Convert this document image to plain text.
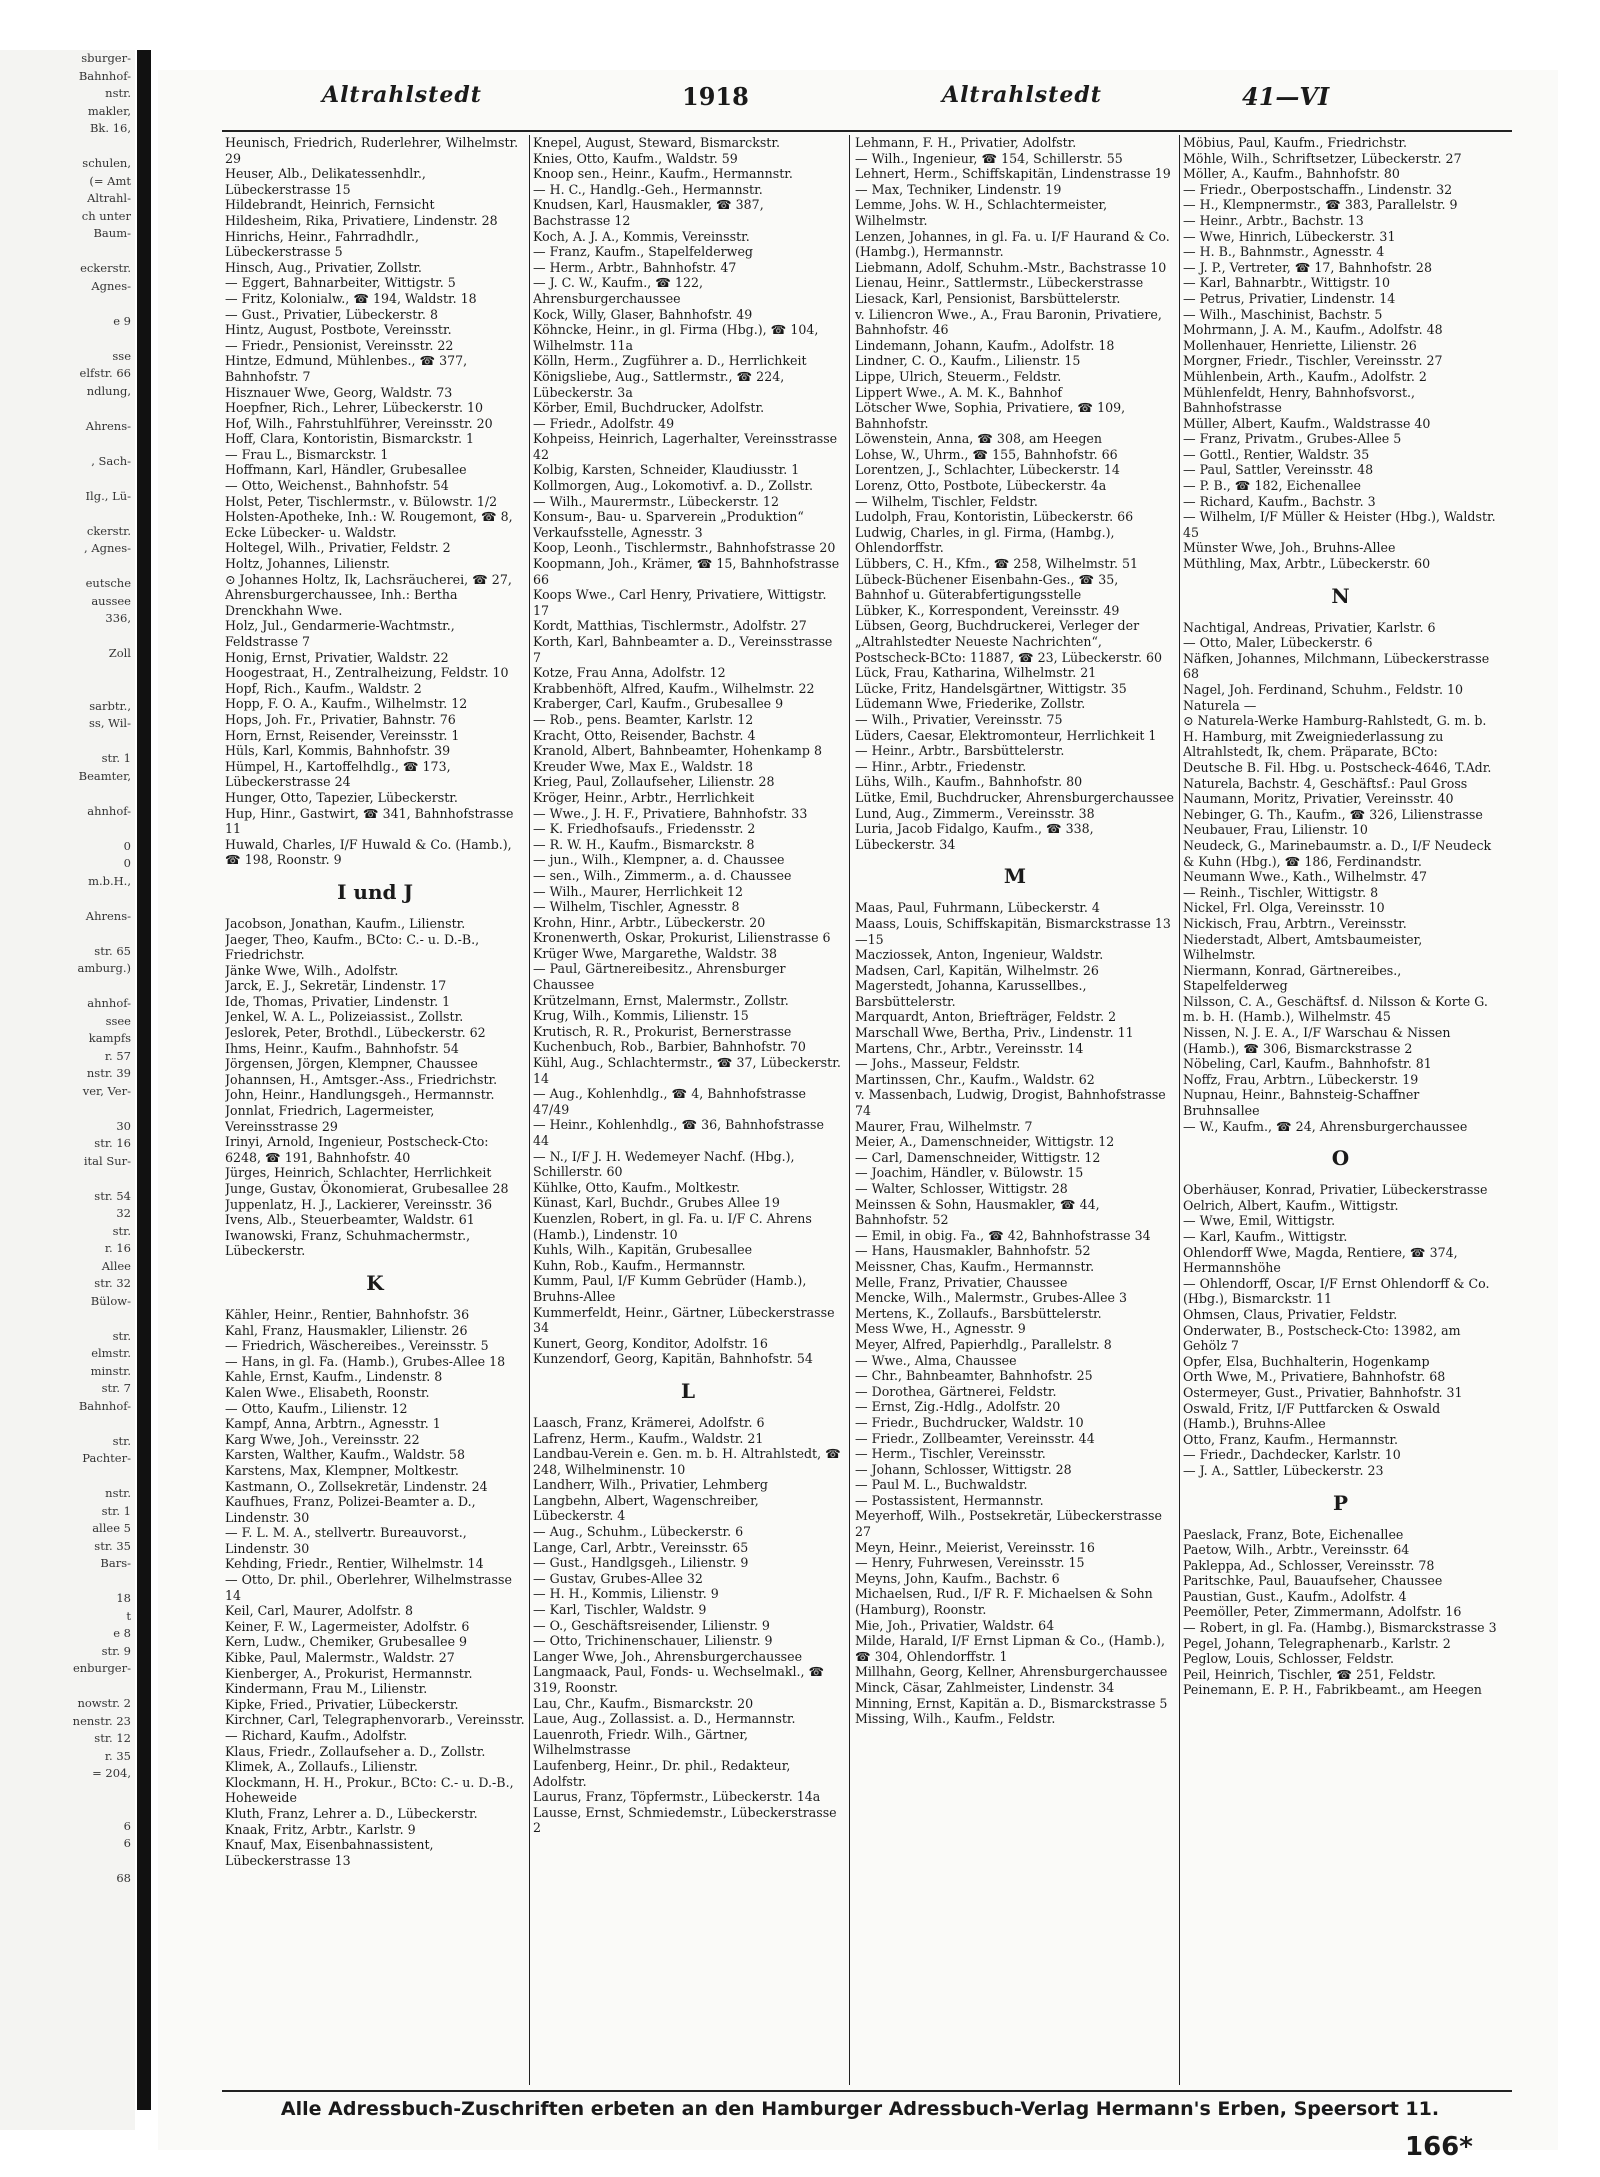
sburger-
Bahnhof-
nstr.
makler,
Bk. 16,

schulen,
(= Amt
Altrahl-
ch unter
Baum-

eckerstr.
Agnes-

e 9

sse
elfstr. 66
ndlung,

Ahrens-

, Sach-

Ilg., Lü-

ckerstr.
, Agnes-

eutsche
aussee
336,

Zoll

sarbtr.,
ss, Wil-

str. 1
Beamter,

ahnhof-

0
0
m.b.H.,

Ahrens-

str. 65
amburg.)

ahnhof-
ssee
kampfs
r. 57
nstr. 39
ver, Ver-

30
str. 16
ital Sur-

str. 54
32
str.
r. 16
Allee
str. 32
Bülow-

str.
elmstr.
minstr.
str. 7
Bahnhof-

str.
Pachter-

nstr.
str. 1
allee 5
str. 35
Bars-

18
t
e 8
str. 9
enburger-

nowstr. 2
nenstr. 23
str. 12
r. 35
= 204,

6
6

68
Altrahlstedt	1918	Altrahlstedt	41—VI
Heunisch, Friedrich, Ruderlehrer, Wilhelmstr. 29
Heuser, Alb., Delikatessenhdlr., Lübeckerstrasse 15
Hildebrandt, Heinrich, Fernsicht
Hildesheim, Rika, Privatiere, Lindenstr. 28
Hinrichs, Heinr., Fahrradhdlr., Lübeckerstrasse 5
Hinsch, Aug., Privatier, Zollstr.
— Eggert, Bahnarbeiter, Wittigstr. 5
— Fritz, Kolonialw., ☎ 194, Waldstr. 18
— Gust., Privatier, Lübeckerstr. 8
Hintz, August, Postbote, Vereinsstr.
— Friedr., Pensionist, Vereinsstr. 22
Hintze, Edmund, Mühlenbes., ☎ 377, Bahnhofstr. 7
Hisznauer Wwe, Georg, Waldstr. 73
Hoepfner, Rich., Lehrer, Lübeckerstr. 10
Hof, Wilh., Fahrstuhlführer, Vereinsstr. 20
Hoff, Clara, Kontoristin, Bismarckstr. 1
— Frau L., Bismarckstr. 1
Hoffmann, Karl, Händler, Grubesallee
— Otto, Weichenst., Bahnhofstr. 54
Holst, Peter, Tischlermstr., v. Bülowstr. 1/2
Holsten-Apotheke, Inh.: W. Rougemont, ☎ 8, Ecke Lübecker- u. Waldstr.
Holtegel, Wilh., Privatier, Feldstr. 2
Holtz, Johannes, Lilienstr.
⊙ Johannes Holtz, Ik, Lachsräucherei, ☎ 27, Ahrensburgerchaussee, Inh.: Bertha Drenckhahn Wwe.
Holz, Jul., Gendarmerie-Wachtmstr., Feldstrasse 7
Honig, Ernst, Privatier, Waldstr. 22
Hoogestraat, H., Zentralheizung, Feldstr. 10
Hopf, Rich., Kaufm., Waldstr. 2
Hopp, F. O. A., Kaufm., Wilhelmstr. 12
Hops, Joh. Fr., Privatier, Bahnstr. 76
Horn, Ernst, Reisender, Vereinsstr. 1
Hüls, Karl, Kommis, Bahnhofstr. 39
Hümpel, H., Kartoffelhdlg., ☎ 173, Lübeckerstrasse 24
Hunger, Otto, Tapezier, Lübeckerstr.
Hup, Hinr., Gastwirt, ☎ 341, Bahnhofstrasse 11
Huwald, Charles, I/F Huwald & Co. (Hamb.), ☎ 198, Roonstr. 9
I und J
Jacobson, Jonathan, Kaufm., Lilienstr.
Jaeger, Theo, Kaufm., BCto: C.- u. D.-B., Friedrichstr.
Jänke Wwe, Wilh., Adolfstr.
Jarck, E. J., Sekretär, Lindenstr. 17
Ide, Thomas, Privatier, Lindenstr. 1
Jenkel, W. A. L., Polizeiassist., Zollstr.
Jeslorek, Peter, Brothdl., Lübeckerstr. 62
Ihms, Heinr., Kaufm., Bahnhofstr. 54
Jörgensen, Jörgen, Klempner, Chaussee
Johannsen, H., Amtsger.-Ass., Friedrichstr.
John, Heinr., Handlungsgeh., Hermannstr.
Jonnlat, Friedrich, Lagermeister, Vereinsstrasse 29
Irinyi, Arnold, Ingenieur, Postscheck-Cto: 6248, ☎ 191, Bahnhofstr. 40
Jürges, Heinrich, Schlachter, Herrlichkeit
Junge, Gustav, Ökonomierat, Grubesallee 28
Juppenlatz, H. J., Lackierer, Vereinsstr. 36
Ivens, Alb., Steuerbeamter, Waldstr. 61
Iwanowski, Franz, Schuhmachermstr., Lübeckerstr.
K
Kähler, Heinr., Rentier, Bahnhofstr. 36
Kahl, Franz, Hausmakler, Lilienstr. 26
— Friedrich, Wäschereibes., Vereinsstr. 5
— Hans, in gl. Fa. (Hamb.), Grubes-Allee 18
Kahle, Ernst, Kaufm., Lindenstr. 8
Kalen Wwe., Elisabeth, Roonstr.
— Otto, Kaufm., Lilienstr. 12
Kampf, Anna, Arbtrn., Agnesstr. 1
Karg Wwe, Joh., Vereinsstr. 22
Karsten, Walther, Kaufm., Waldstr. 58
Karstens, Max, Klempner, Moltkestr.
Kastmann, O., Zollsekretär, Lindenstr. 24
Kaufhues, Franz, Polizei-Beamter a. D., Lindenstr. 30
— F. L. M. A., stellvertr. Bureauvorst., Lindenstr. 30
Kehding, Friedr., Rentier, Wilhelmstr. 14
— Otto, Dr. phil., Oberlehrer, Wilhelmstrasse 14
Keil, Carl, Maurer, Adolfstr. 8
Keiner, F. W., Lagermeister, Adolfstr. 6
Kern, Ludw., Chemiker, Grubesallee 9
Kibke, Paul, Malermstr., Waldstr. 27
Kienberger, A., Prokurist, Hermannstr.
Kindermann, Frau M., Lilienstr.
Kipke, Fried., Privatier, Lübeckerstr.
Kirchner, Carl, Telegraphenvorarb., Vereinsstr.
— Richard, Kaufm., Adolfstr.
Klaus, Friedr., Zollaufseher a. D., Zollstr.
Klimek, A., Zollaufs., Lilienstr.
Klockmann, H. H., Prokur., BCto: C.- u. D.-B., Hoheweide
Kluth, Franz, Lehrer a. D., Lübeckerstr.
Knaak, Fritz, Arbtr., Karlstr. 9
Knauf, Max, Eisenbahnassistent, Lübeckerstrasse 13
Knepel, August, Steward, Bismarckstr.
Knies, Otto, Kaufm., Waldstr. 59
Knoop sen., Heinr., Kaufm., Hermannstr.
— H. C., Handlg.-Geh., Hermannstr.
Knudsen, Karl, Hausmakler, ☎ 387, Bachstrasse 12
Koch, A. J. A., Kommis, Vereinsstr.
— Franz, Kaufm., Stapelfelderweg
— Herm., Arbtr., Bahnhofstr. 47
— J. C. W., Kaufm., ☎ 122, Ahrensburgerchaussee
Kock, Willy, Glaser, Bahnhofstr. 49
Köhncke, Heinr., in gl. Firma (Hbg.), ☎ 104, Wilhelmstr. 11a
Kölln, Herm., Zugführer a. D., Herrlichkeit
Königsliebe, Aug., Sattlermstr., ☎ 224, Lübeckerstr. 3a
Körber, Emil, Buchdrucker, Adolfstr.
— Friedr., Adolfstr. 49
Kohpeiss, Heinrich, Lagerhalter, Vereinsstrasse 42
Kolbig, Karsten, Schneider, Klaudiusstr. 1
Kollmorgen, Aug., Lokomotivf. a. D., Zollstr.
— Wilh., Maurermstr., Lübeckerstr. 12
Konsum-, Bau- u. Sparverein „Produktion“ Verkaufsstelle, Agnesstr. 3
Koop, Leonh., Tischlermstr., Bahnhofstrasse 20
Koopmann, Joh., Krämer, ☎ 15, Bahnhofstrasse 66
Koops Wwe., Carl Henry, Privatiere, Wittigstr. 17
Kordt, Matthias, Tischlermstr., Adolfstr. 27
Korth, Karl, Bahnbeamter a. D., Vereinsstrasse 7
Kotze, Frau Anna, Adolfstr. 12
Krabbenhöft, Alfred, Kaufm., Wilhelmstr. 22
Kraberger, Carl, Kaufm., Grubesallee 9
— Rob., pens. Beamter, Karlstr. 12
Kracht, Otto, Reisender, Bachstr. 4
Kranold, Albert, Bahnbeamter, Hohenkamp 8
Kreuder Wwe, Max E., Waldstr. 18
Krieg, Paul, Zollaufseher, Lilienstr. 28
Kröger, Heinr., Arbtr., Herrlichkeit
— Wwe., J. H. F., Privatiere, Bahnhofstr. 33
— K. Friedhofsaufs., Friedensstr. 2
— R. W. H., Kaufm., Bismarckstr. 8
— jun., Wilh., Klempner, a. d. Chaussee
— sen., Wilh., Zimmerm., a. d. Chaussee
— Wilh., Maurer, Herrlichkeit 12
— Wilhelm, Tischler, Agnesstr. 8
Krohn, Hinr., Arbtr., Lübeckerstr. 20
Kronenwerth, Oskar, Prokurist, Lilienstrasse 6
Krüger Wwe, Margarethe, Waldstr. 38
— Paul, Gärtnereibesitz., Ahrensburger Chaussee
Krützelmann, Ernst, Malermstr., Zollstr.
Krug, Wilh., Kommis, Lilienstr. 15
Krutisch, R. R., Prokurist, Bernerstrasse
Kuchenbuch, Rob., Barbier, Bahnhofstr. 70
Kühl, Aug., Schlachtermstr., ☎ 37, Lübeckerstr. 14
— Aug., Kohlenhdlg., ☎ 4, Bahnhofstrasse 47/49
— Heinr., Kohlenhdlg., ☎ 36, Bahnhofstrasse 44
— N., I/F J. H. Wedemeyer Nachf. (Hbg.), Schillerstr. 60
Kühlke, Otto, Kaufm., Moltkestr.
Künast, Karl, Buchdr., Grubes Allee 19
Kuenzlen, Robert, in gl. Fa. u. I/F C. Ahrens (Hamb.), Lindenstr. 10
Kuhls, Wilh., Kapitän, Grubesallee
Kuhn, Rob., Kaufm., Hermannstr.
Kumm, Paul, I/F Kumm Gebrüder (Hamb.), Bruhns-Allee
Kummerfeldt, Heinr., Gärtner, Lübeckerstrasse 34
Kunert, Georg, Konditor, Adolfstr. 16
Kunzendorf, Georg, Kapitän, Bahnhofstr. 54
L
Laasch, Franz, Krämerei, Adolfstr. 6
Lafrenz, Herm., Kaufm., Waldstr. 21
Landbau-Verein e. Gen. m. b. H. Altrahlstedt, ☎ 248, Wilhelminenstr. 10
Landherr, Wilh., Privatier, Lehmberg
Langbehn, Albert, Wagenschreiber, Lübeckerstr. 4
— Aug., Schuhm., Lübeckerstr. 6
Lange, Carl, Arbtr., Vereinsstr. 65
— Gust., Handlgsgeh., Lilienstr. 9
— Gustav, Grubes-Allee 32
— H. H., Kommis, Lilienstr. 9
— Karl, Tischler, Waldstr. 9
— O., Geschäftsreisender, Lilienstr. 9
— Otto, Trichinenschauer, Lilienstr. 9
Langer Wwe, Joh., Ahrensburgerchaussee
Langmaack, Paul, Fonds- u. Wechselmakl., ☎ 319, Roonstr.
Lau, Chr., Kaufm., Bismarckstr. 20
Laue, Aug., Zollassist. a. D., Hermannstr.
Lauenroth, Friedr. Wilh., Gärtner, Wilhelmstrasse
Laufenberg, Heinr., Dr. phil., Redakteur, Adolfstr.
Laurus, Franz, Töpfermstr., Lübeckerstr. 14a
Lausse, Ernst, Schmiedemstr., Lübeckerstrasse 2
Lehmann, F. H., Privatier, Adolfstr.
— Wilh., Ingenieur, ☎ 154, Schillerstr. 55
Lehnert, Herm., Schiffskapitän, Lindenstrasse 19
— Max, Techniker, Lindenstr. 19
Lemme, Johs. W. H., Schlachtermeister, Wilhelmstr.
Lenzen, Johannes, in gl. Fa. u. I/F Haurand & Co. (Hambg.), Hermannstr.
Liebmann, Adolf, Schuhm.-Mstr., Bachstrasse 10
Lienau, Heinr., Sattlermstr., Lübeckerstrasse
Liesack, Karl, Pensionist, Barsbüttelerstr.
v. Liliencron Wwe., A., Frau Baronin, Privatiere, Bahnhofstr. 46
Lindemann, Johann, Kaufm., Adolfstr. 18
Lindner, C. O., Kaufm., Lilienstr. 15
Lippe, Ulrich, Steuerm., Feldstr.
Lippert Wwe., A. M. K., Bahnhof
Lötscher Wwe, Sophia, Privatiere, ☎ 109, Bahnhofstr.
Löwenstein, Anna, ☎ 308, am Heegen
Lohse, W., Uhrm., ☎ 155, Bahnhofstr. 66
Lorentzen, J., Schlachter, Lübeckerstr. 14
Lorenz, Otto, Postbote, Lübeckerstr. 4a
— Wilhelm, Tischler, Feldstr.
Ludolph, Frau, Kontoristin, Lübeckerstr. 66
Ludwig, Charles, in gl. Firma, (Hambg.), Ohlendorffstr.
Lübbers, C. H., Kfm., ☎ 258, Wilhelmstr. 51
Lübeck-Büchener Eisenbahn-Ges., ☎ 35, Bahnhof u. Güterabfertigungsstelle
Lübker, K., Korrespondent, Vereinsstr. 49
Lübsen, Georg, Buchdruckerei, Verleger der „Altrahlstedter Neueste Nachrichten“, Postscheck-BCto: 11887, ☎ 23, Lübeckerstr. 60
Lück, Frau, Katharina, Wilhelmstr. 21
Lücke, Fritz, Handelsgärtner, Wittigstr. 35
Lüdemann Wwe, Friederike, Zollstr.
— Wilh., Privatier, Vereinsstr. 75
Lüders, Caesar, Elektromonteur, Herrlichkeit 1
— Heinr., Arbtr., Barsbüttelerstr.
— Hinr., Arbtr., Friedenstr.
Lühs, Wilh., Kaufm., Bahnhofstr. 80
Lütke, Emil, Buchdrucker, Ahrensburgerchaussee
Lund, Aug., Zimmerm., Vereinsstr. 38
Luria, Jacob Fidalgo, Kaufm., ☎ 338, Lübeckerstr. 34
M
Maas, Paul, Fuhrmann, Lübeckerstr. 4
Maass, Louis, Schiffskapitän, Bismarckstrasse 13—15
Macziossek, Anton, Ingenieur, Waldstr.
Madsen, Carl, Kapitän, Wilhelmstr. 26
Magerstedt, Johanna, Karussellbes., Barsbüttelerstr.
Marquardt, Anton, Briefträger, Feldstr. 2
Marschall Wwe, Bertha, Priv., Lindenstr. 11
Martens, Chr., Arbtr., Vereinsstr. 14
— Johs., Masseur, Feldstr.
Martinssen, Chr., Kaufm., Waldstr. 62
v. Massenbach, Ludwig, Drogist, Bahnhofstrasse 74
Maurer, Frau, Wilhelmstr. 7
Meier, A., Damenschneider, Wittigstr. 12
— Carl, Damenschneider, Wittigstr. 12
— Joachim, Händler, v. Bülowstr. 15
— Walter, Schlosser, Wittigstr. 28
Meinssen & Sohn, Hausmakler, ☎ 44, Bahnhofstr. 52
— Emil, in obig. Fa., ☎ 42, Bahnhofstrasse 34
— Hans, Hausmakler, Bahnhofstr. 52
Meissner, Chas, Kaufm., Hermannstr.
Melle, Franz, Privatier, Chaussee
Mencke, Wilh., Malermstr., Grubes-Allee 3
Mertens, K., Zollaufs., Barsbüttelerstr.
Mess Wwe, H., Agnesstr. 9
Meyer, Alfred, Papierhdlg., Parallelstr. 8
— Wwe., Alma, Chaussee
— Chr., Bahnbeamter, Bahnhofstr. 25
— Dorothea, Gärtnerei, Feldstr.
— Ernst, Zig.-Hdlg., Adolfstr. 20
— Friedr., Buchdrucker, Waldstr. 10
— Friedr., Zollbeamter, Vereinsstr. 44
— Herm., Tischler, Vereinsstr.
— Johann, Schlosser, Wittigstr. 28
— Paul M. L., Buchwaldstr.
— Postassistent, Hermannstr.
Meyerhoff, Wilh., Postsekretär, Lübeckerstrasse 27
Meyn, Heinr., Meierist, Vereinsstr. 16
— Henry, Fuhrwesen, Vereinsstr. 15
Meyns, John, Kaufm., Bachstr. 6
Michaelsen, Rud., I/F R. F. Michaelsen & Sohn (Hamburg), Roonstr.
Mie, Joh., Privatier, Waldstr. 64
Milde, Harald, I/F Ernst Lipman & Co., (Hamb.), ☎ 304, Ohlendorffstr. 1
Millhahn, Georg, Kellner, Ahrensburgerchaussee
Minck, Cäsar, Zahlmeister, Lindenstr. 34
Minning, Ernst, Kapitän a. D., Bismarckstrasse 5
Missing, Wilh., Kaufm., Feldstr.
Möbius, Paul, Kaufm., Friedrichstr.
Möhle, Wilh., Schriftsetzer, Lübeckerstr. 27
Möller, A., Kaufm., Bahnhofstr. 80
— Friedr., Oberpostschaffn., Lindenstr. 32
— H., Klempnermstr., ☎ 383, Parallelstr. 9
— Heinr., Arbtr., Bachstr. 13
— Wwe, Hinrich, Lübeckerstr. 31
— H. B., Bahnmstr., Agnesstr. 4
— J. P., Vertreter, ☎ 17, Bahnhofstr. 28
— Karl, Bahnarbtr., Wittigstr. 10
— Petrus, Privatier, Lindenstr. 14
— Wilh., Maschinist, Bachstr. 5
Mohrmann, J. A. M., Kaufm., Adolfstr. 48
Mollenhauer, Henriette, Lilienstr. 26
Morgner, Friedr., Tischler, Vereinsstr. 27
Mühlenbein, Arth., Kaufm., Adolfstr. 2
Mühlenfeldt, Henry, Bahnhofsvorst., Bahnhofstrasse
Müller, Albert, Kaufm., Waldstrasse 40
— Franz, Privatm., Grubes-Allee 5
— Gottl., Rentier, Waldstr. 35
— Paul, Sattler, Vereinsstr. 48
— P. B., ☎ 182, Eichenallee
— Richard, Kaufm., Bachstr. 3
— Wilhelm, I/F Müller & Heister (Hbg.), Waldstr. 45
Münster Wwe, Joh., Bruhns-Allee
Müthling, Max, Arbtr., Lübeckerstr. 60
N
Nachtigal, Andreas, Privatier, Karlstr. 6
— Otto, Maler, Lübeckerstr. 6
Näfken, Johannes, Milchmann, Lübeckerstrasse 68
Nagel, Joh. Ferdinand, Schuhm., Feldstr. 10
Naturela —
⊙ Naturela-Werke Hamburg-Rahlstedt, G. m. b. H. Hamburg, mit Zweigniederlassung zu Altrahlstedt, Ik, chem. Präparate, BCto: Deutsche B. Fil. Hbg. u. Postscheck-4646, T.Adr. Naturela, Bachstr. 4, Geschäftsf.: Paul Gross
Naumann, Moritz, Privatier, Vereinsstr. 40
Nebinger, G. Th., Kaufm., ☎ 326, Lilienstrasse
Neubauer, Frau, Lilienstr. 10
Neudeck, G., Marinebaumstr. a. D., I/F Neudeck & Kuhn (Hbg.), ☎ 186, Ferdinandstr.
Neumann Wwe., Kath., Wilhelmstr. 47
— Reinh., Tischler, Wittigstr. 8
Nickel, Frl. Olga, Vereinsstr. 10
Nickisch, Frau, Arbtrn., Vereinsstr.
Niederstadt, Albert, Amtsbaumeister, Wilhelmstr.
Niermann, Konrad, Gärtnereibes., Stapelfelderweg
Nilsson, C. A., Geschäftsf. d. Nilsson & Korte G. m. b. H. (Hamb.), Wilhelmstr. 45
Nissen, N. J. E. A., I/F Warschau & Nissen (Hamb.), ☎ 306, Bismarckstrasse 2
Nöbeling, Carl, Kaufm., Bahnhofstr. 81
Noffz, Frau, Arbtrn., Lübeckerstr. 19
Nupnau, Heinr., Bahnsteig-Schaffner Bruhnsallee
— W., Kaufm., ☎ 24, Ahrensburgerchaussee
O
Oberhäuser, Konrad, Privatier, Lübeckerstrasse
Oelrich, Albert, Kaufm., Wittigstr.
— Wwe, Emil, Wittigstr.
— Karl, Kaufm., Wittigstr.
Ohlendorff Wwe, Magda, Rentiere, ☎ 374, Hermannshöhe
— Ohlendorff, Oscar, I/F Ernst Ohlendorff & Co. (Hbg.), Bismarckstr. 11
Ohmsen, Claus, Privatier, Feldstr.
Onderwater, B., Postscheck-Cto: 13982, am Gehölz 7
Opfer, Elsa, Buchhalterin, Hogenkamp
Orth Wwe, M., Privatiere, Bahnhofstr. 68
Ostermeyer, Gust., Privatier, Bahnhofstr. 31
Oswald, Fritz, I/F Puttfarcken & Oswald (Hamb.), Bruhns-Allee
Otto, Franz, Kaufm., Hermannstr.
— Friedr., Dachdecker, Karlstr. 10
— J. A., Sattler, Lübeckerstr. 23
P
Paeslack, Franz, Bote, Eichenallee
Paetow, Wilh., Arbtr., Vereinsstr. 64
Pakleppa, Ad., Schlosser, Vereinsstr. 78
Paritschke, Paul, Bauaufseher, Chaussee
Paustian, Gust., Kaufm., Adolfstr. 4
Peemöller, Peter, Zimmermann, Adolfstr. 16
— Robert, in gl. Fa. (Hambg.), Bismarckstrasse 3
Pegel, Johann, Telegraphenarb., Karlstr. 2
Peglow, Louis, Schlosser, Feldstr.
Peil, Heinrich, Tischler, ☎ 251, Feldstr.
Peinemann, E. P. H., Fabrikbeamt., am Heegen
Alle Adressbuch-Zuschriften erbeten an den Hamburger Adressbuch-Verlag Hermann's Erben, Speersort 11.
166*
